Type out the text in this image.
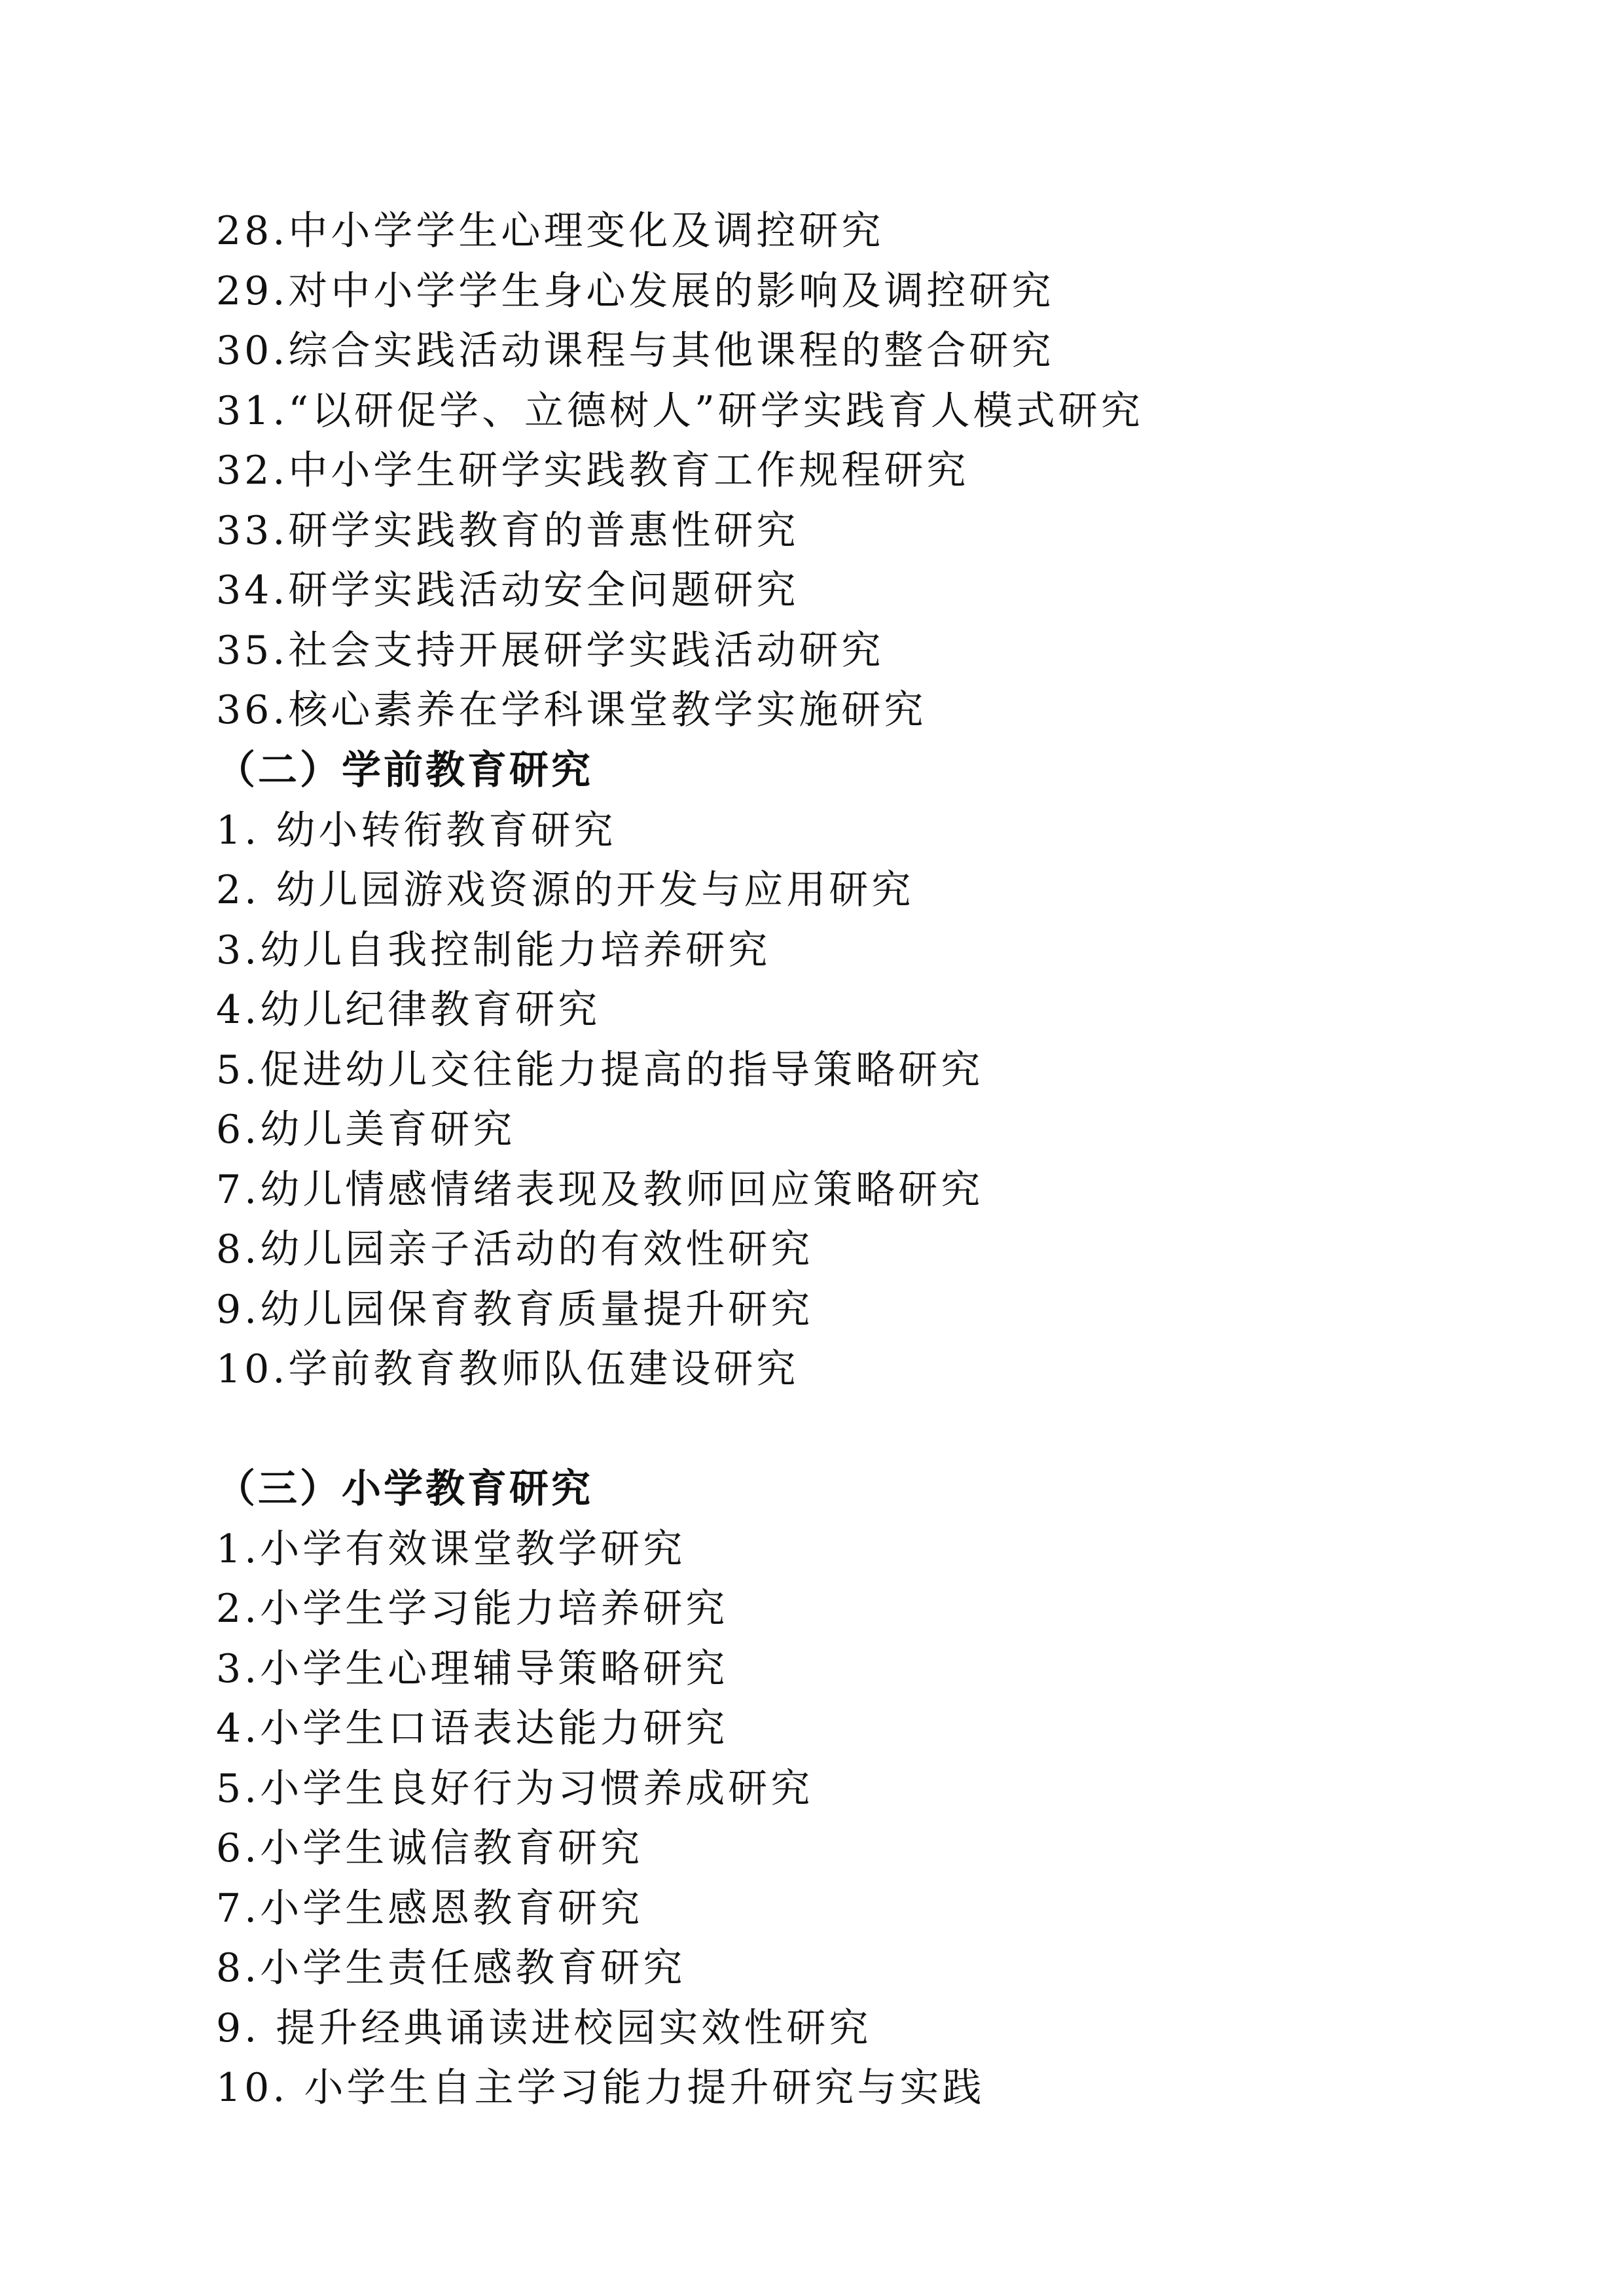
28.中小学学生心理变化及调控研究
29.对中小学学生身心发展的影响及调控研究
30.综合实践活动课程与其他课程的整合研究
31.“以研促学、立德树人”研学实践育人模式研究
32.中小学生研学实践教育工作规程研究
33.研学实践教育的普惠性研究
34.研学实践活动安全问题研究
35.社会支持开展研学实践活动研究
36.核心素养在学科课堂教学实施研究
（二）学前教育研究
1. 幼小转衔教育研究
2. 幼儿园游戏资源的开发与应用研究
3.幼儿自我控制能力培养研究
4.幼儿纪律教育研究
5.促进幼儿交往能力提高的指导策略研究
6.幼儿美育研究
7.幼儿情感情绪表现及教师回应策略研究
8.幼儿园亲子活动的有效性研究
9.幼儿园保育教育质量提升研究
10.学前教育教师队伍建设研究
（三）小学教育研究
1.小学有效课堂教学研究
2.小学生学习能力培养研究
3.小学生心理辅导策略研究
4.小学生口语表达能力研究
5.小学生良好行为习惯养成研究
6.小学生诚信教育研究
7.小学生感恩教育研究
8.小学生责任感教育研究
9. 提升经典诵读进校园实效性研究
10. 小学生自主学习能力提升研究与实践
